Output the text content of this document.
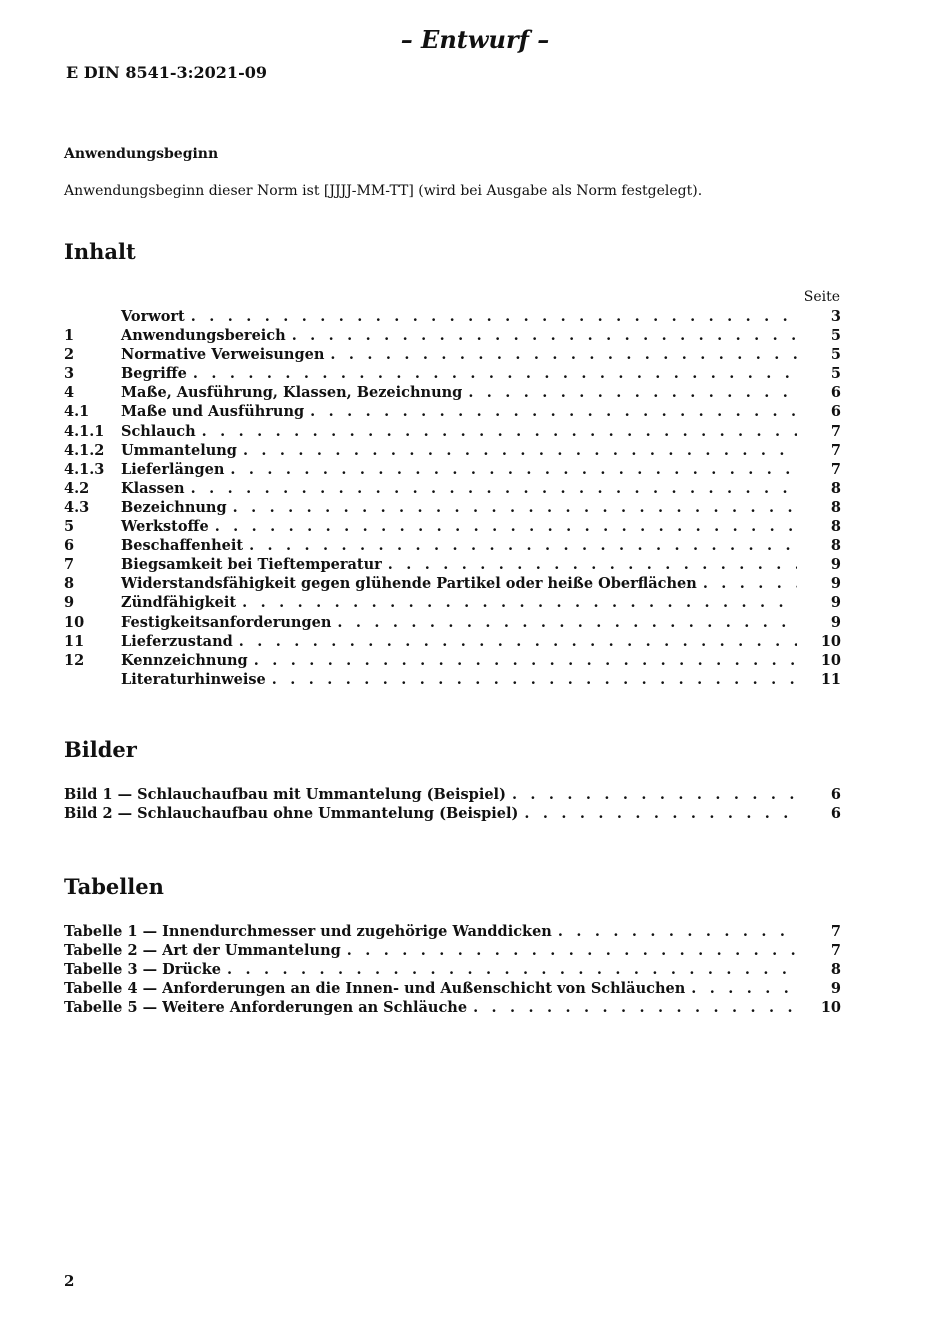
– Entwurf –
E DIN 8541-3:2021-09
Anwendungsbeginn
Anwendungsbeginn dieser Norm ist [JJJJ-MM-TT] (wird bei Ausgabe als Norm festgelegt).
Inhalt
Seite
Vorwort . . .	3
1	Anwendungsbereich . . .	5
2	Normative Verweisungen . . .	5
3	Begriffe . . .	5
4	Maße, Ausführung, Klassen, Bezeichnung . . .	6
4.1	Maße und Ausführung . . .	6
4.1.1	Schlauch . . .	7
4.1.2	Ummantelung . . .	7
4.1.3	Lieferlängen . . .	7
4.2	Klassen . . .	8
4.3	Bezeichnung . . .	8
5	Werkstoffe . . .	8
6	Beschaffenheit . . .	8
7	Biegsamkeit bei Tieftemperatur . . .	9
8	Widerstandsfähigkeit gegen glühende Partikel oder heiße Oberflächen . . .	9
9	Zündfähigkeit . . .	9
10	Festigkeitsanforderungen . . .	9
11	Lieferzustand . . .	10
12	Kennzeichnung . . .	10
Literaturhinweise . . .	11
Bilder
Bild 1 — Schlauchaufbau mit Ummantelung (Beispiel) . . .	6
Bild 2 — Schlauchaufbau ohne Ummantelung (Beispiel) . . .	6
Tabellen
Tabelle 1 — Innendurchmesser und zugehörige Wanddicken . . .	7
Tabelle 2 — Art der Ummantelung . . .	7
Tabelle 3 — Drücke . . .	8
Tabelle 4 — Anforderungen an die Innen- und Außenschicht von Schläuchen . . .	9
Tabelle 5 — Weitere Anforderungen an Schläuche . . .	10
2
